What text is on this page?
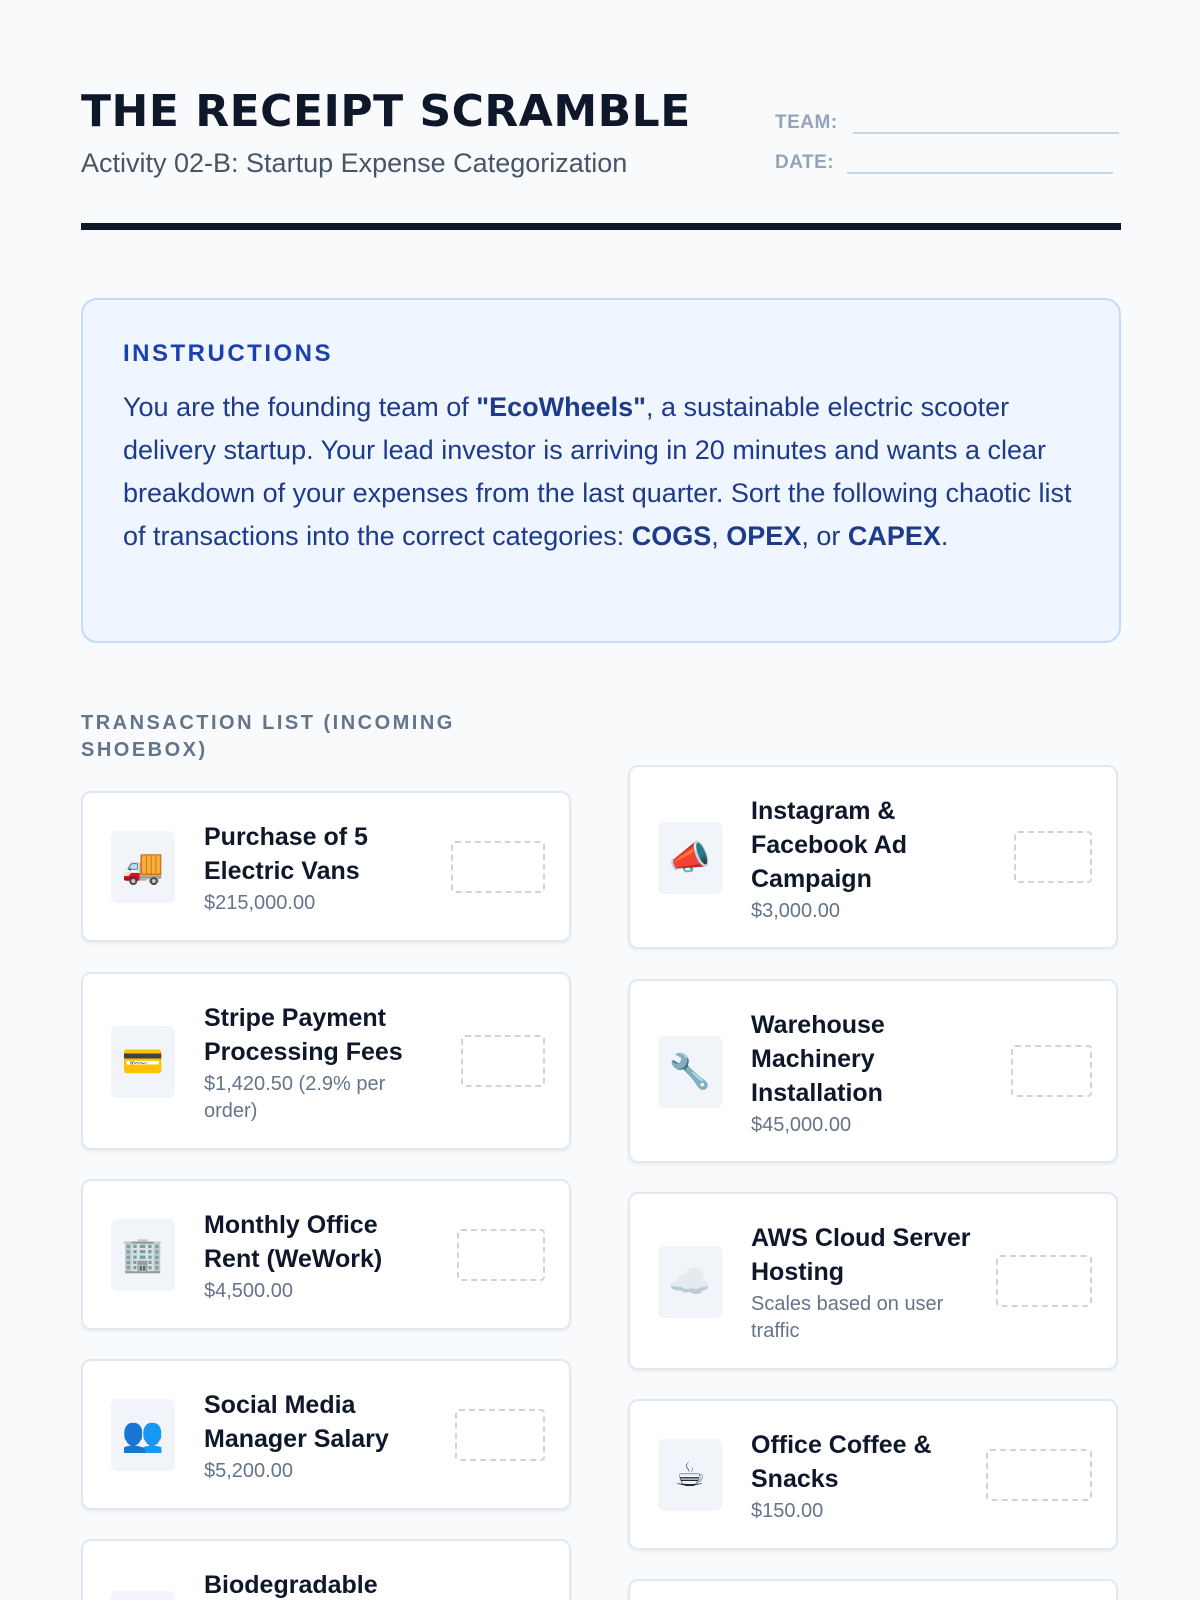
THE RECEIPT SCRAMBLE
Activity 02-B: Startup Expense Categorization
TEAM:
DATE:
INSTRUCTIONS

You are the founding team of "EcoWheels", a sustainable electric scooter delivery startup. Your lead investor is arriving in 20 minutes and wants a clear breakdown of your expenses from the last quarter. Sort the following chaotic list of transactions into the correct categories: COGS, OPEX, or CAPEX.

TRANSACTION LIST (INCOMING SHOEBOX)
🚚
Purchase of 5 Electric Vans
$215,000.00
💳
Stripe Payment Processing Fees
$1,420.50 (2.9% per order)
🏢
Monthly Office Rent (WeWork)
$4,500.00
👥
Social Media Manager Salary
$5,200.00
Biodegradable
📣
Instagram & Facebook Ad Campaign
$3,000.00
🔧
Warehouse Machinery Installation
$45,000.00
☁️
AWS Cloud Server Hosting
Scales based on user traffic
☕
Office Coffee & Snacks
$150.00
